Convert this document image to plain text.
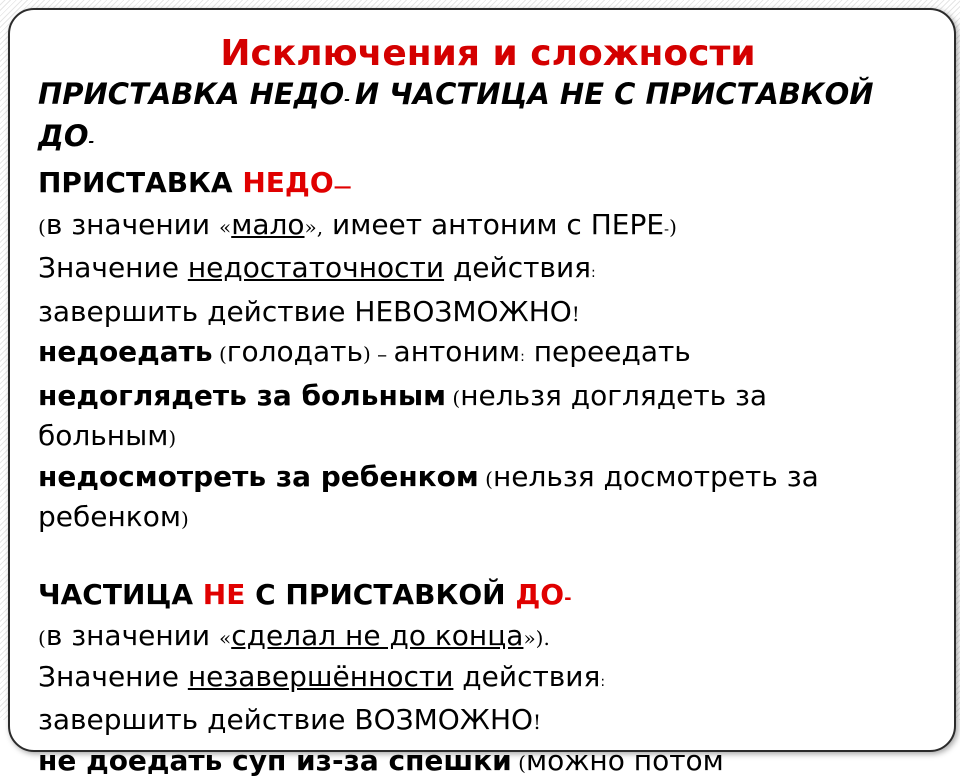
Исключения и сложности

ПРИСТАВКА НЕДО- И ЧАСТИЦА НЕ С ПРИСТАВКОЙ
ДО-

ПРИСТАВКА НЕДО—

(в значении «мало», имеет антоним с ПЕРЕ-)

Значение недостаточности действия:

завершить действие НЕВОЗМОЖНО!

недоедать (голодать) – антоним: переедать

недоглядеть за больным (нельзя доглядеть за

больным)

недосмотреть за ребенком (нельзя досмотреть за

ребенком)

ЧАСТИЦА НЕ С ПРИСТАВКОЙ ДО-

(в значении «сделал не до конца»).

Значение незавершённости действия:

завершить действие ВОЗМОЖНО!

не доедать суп из-за спешки (можно потом
